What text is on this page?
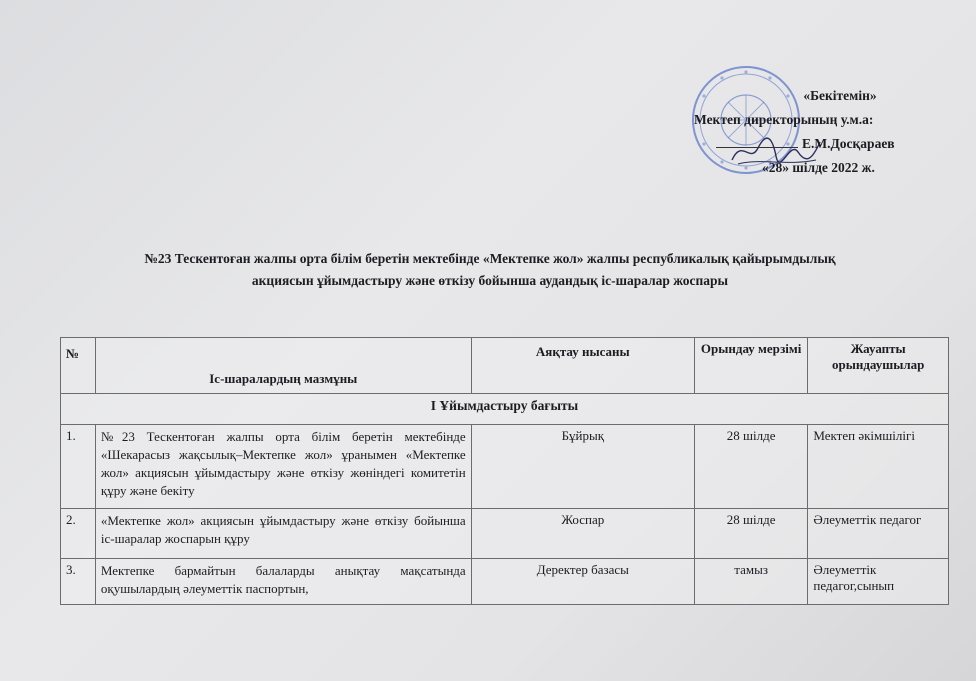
«Бекітемін»
Мектеп директорының у.м.а:
Е.М.Досқараев
«28» шілде 2022 ж.
№23 Тескентоған жалпы орта білім беретін мектебінде «Мектепке жол» жалпы республикалық қайырымдылық
акциясын ұйымдастыру және өткізу бойынша аудандық іс-шаралар жоспары
№	Іс-шаралардың мазмұны	Аяқтау нысаны	Орындау мерзімі	Жауапты орындаушылар
І Ұйымдастыру бағыты				
1.	№23 Тескентоған жалпы орта білім беретін мектебінде «Шекарасыз жақсылық–Мектепке жол» ұранымен «Мектепке жол» акциясын ұйымдастыру және өткізу жөніндегі комитетін құру және бекіту	Бұйрық	28 шілде	Мектеп әкімшілігі
2.	«Мектепке жол» акциясын ұйымдастыру және өткізу бойынша іс-шаралар жоспарын құру	Жоспар	28 шілде	Әлеуметтік педагог
3.	Мектепке бармайтын балаларды анықтау мақсатында оқушылардың әлеуметтік паспортын,	Деректер базасы	тамыз	Әлеуметтік педагог,сынып
